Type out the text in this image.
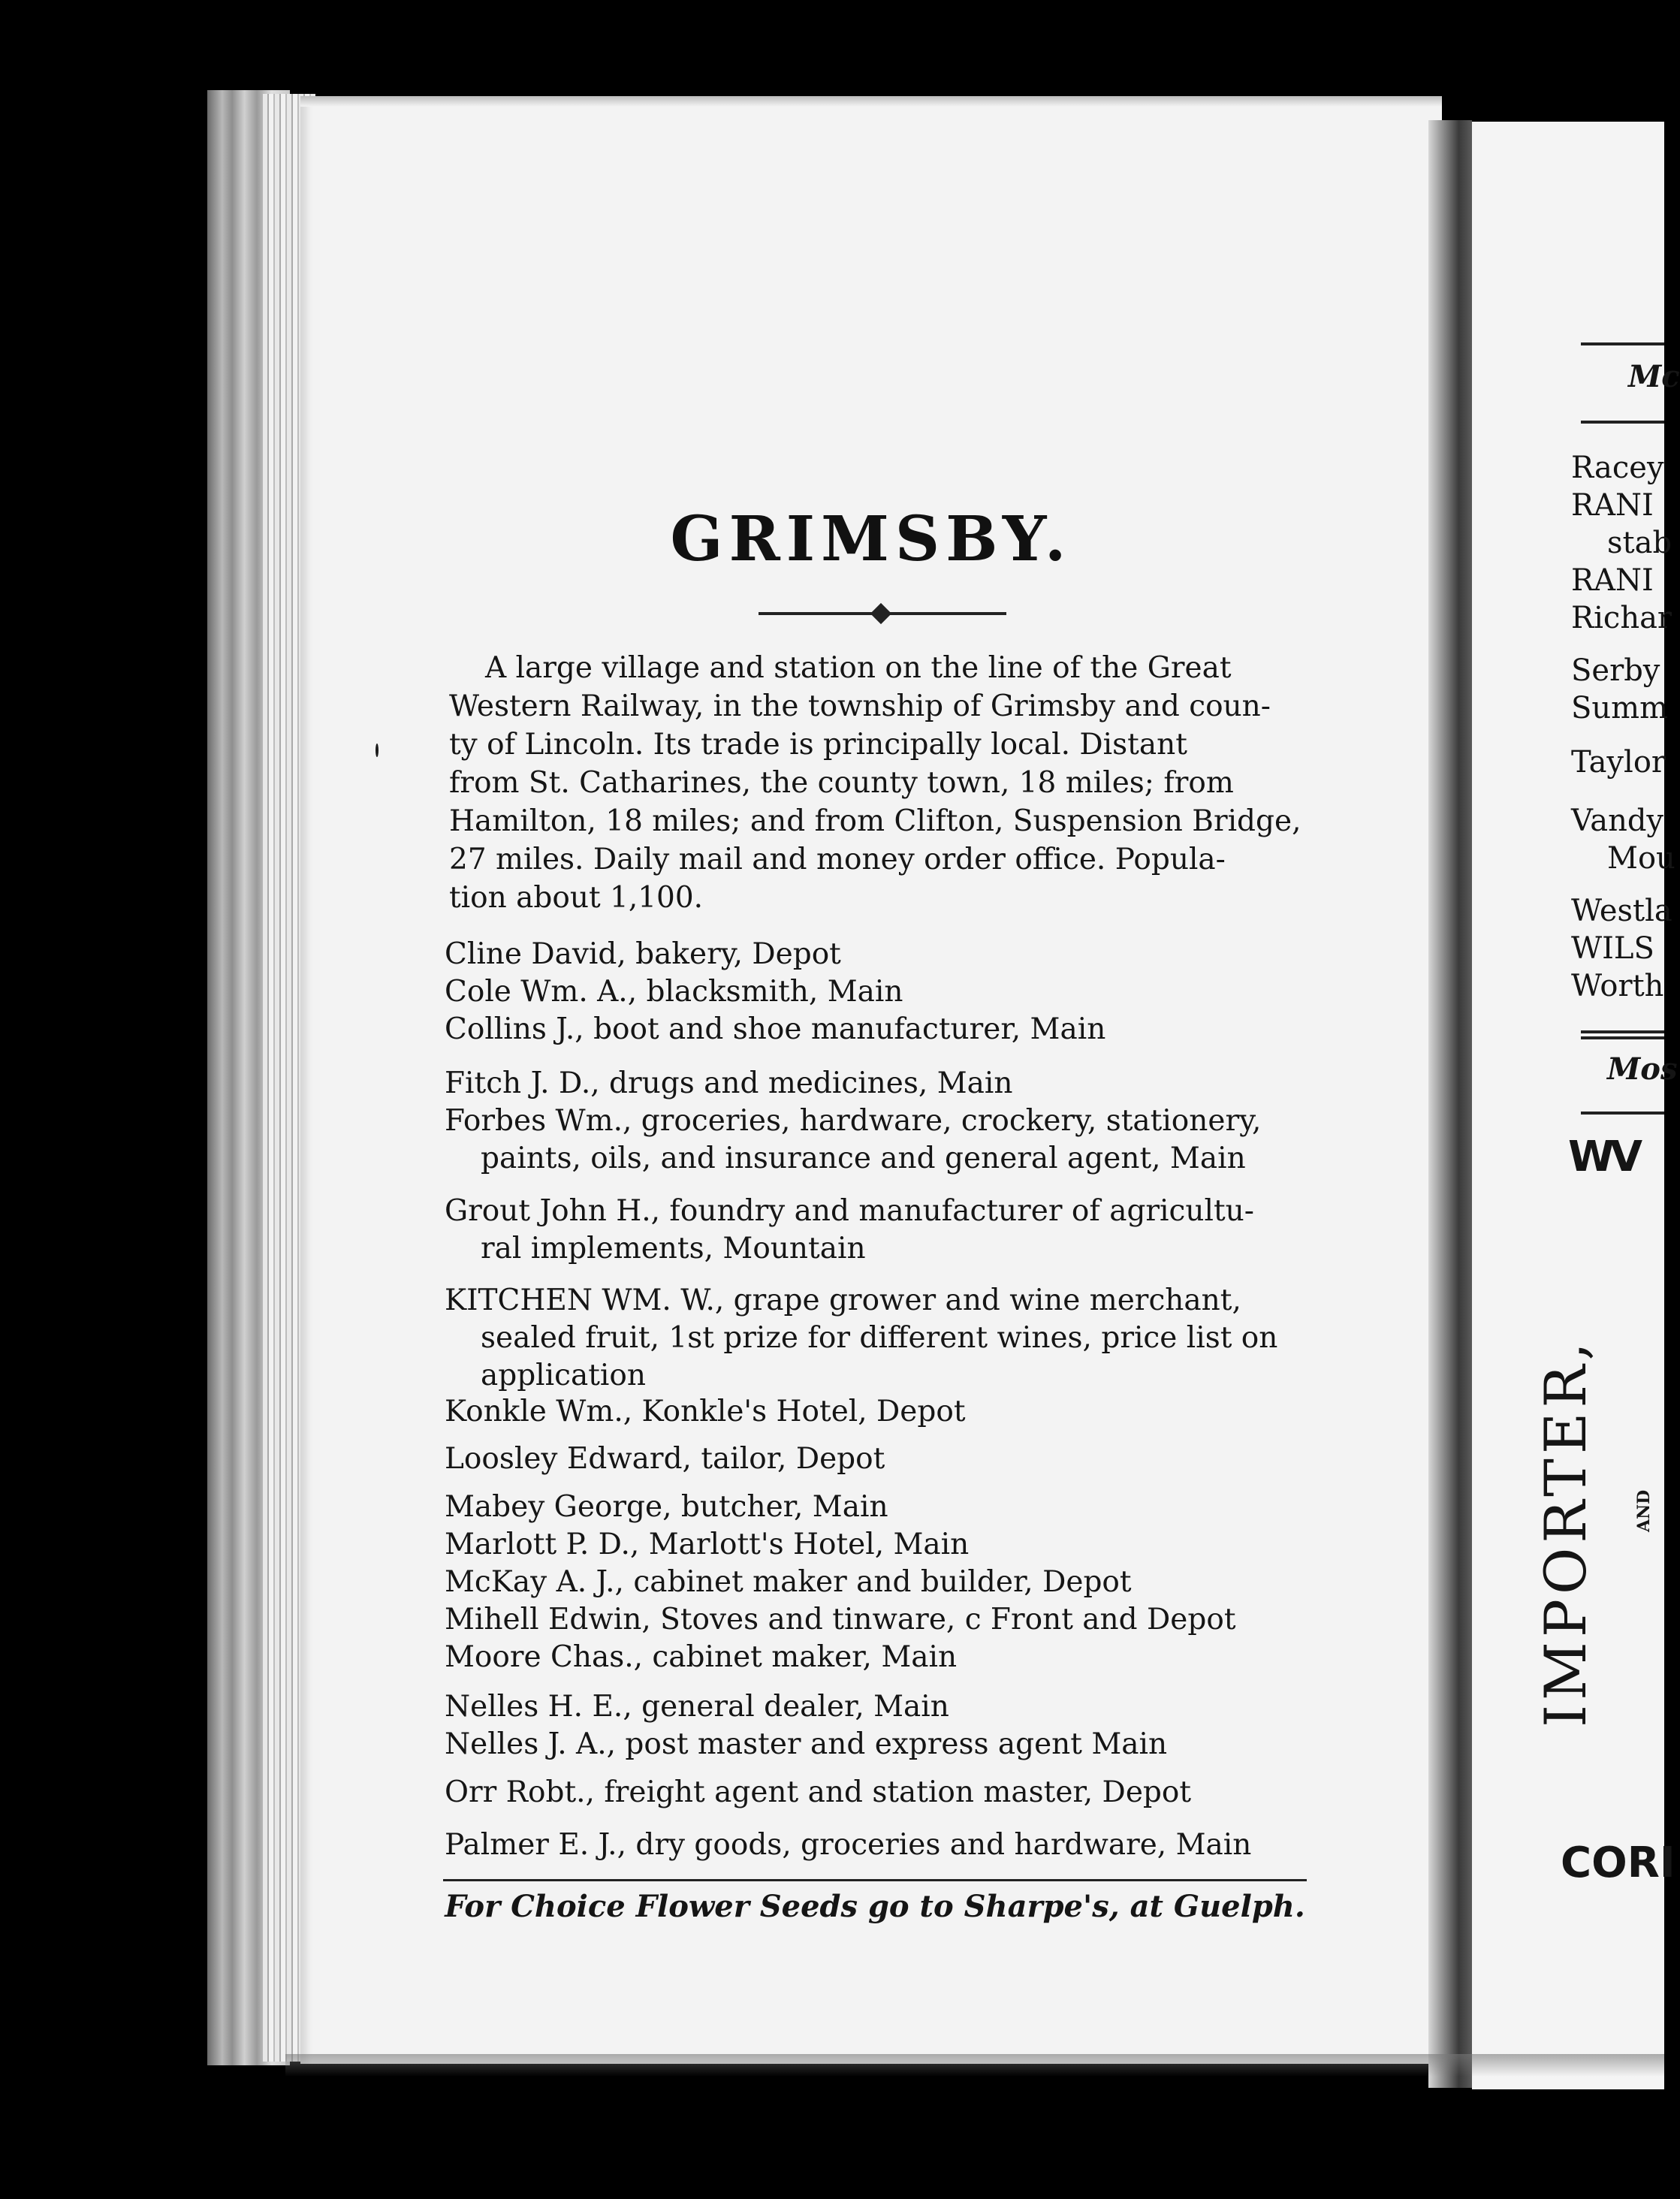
GRIMSBY.
A large village and station on the line of the Great
Western Railway, in the township of Grimsby and coun-
ty of Lincoln. Its trade is principally local. Distant
from St. Catharines, the county town, 18 miles; from
Hamilton, 18 miles; and from Clifton, Suspension Bridge,
27 miles. Daily mail and money order office. Popula-
tion about 1,100.
Cline David, bakery, Depot
Cole Wm. A., blacksmith, Main
Collins J., boot and shoe manufacturer, Main
Fitch J. D., drugs and medicines, Main
Forbes Wm., groceries, hardware, crockery, stationery,
paints, oils, and insurance and general agent, Main
Grout John H., foundry and manufacturer of agricultu-
ral implements, Mountain
KITCHEN WM. W., grape grower and wine merchant,
sealed fruit, 1st prize for different wines, price list on
application
Konkle Wm., Konkle's Hotel, Depot
Loosley Edward, tailor, Depot
Mabey George, butcher, Main
Marlott P. D., Marlott's Hotel, Main
McKay A. J., cabinet maker and builder, Depot
Mihell Edwin, Stoves and tinware, c Front and Depot
Moore Chas., cabinet maker, Main
Nelles H. E., general dealer, Main
Nelles J. A., post master and express agent Main
Orr Robt., freight agent and station master, Depot
Palmer E. J., dry goods, groceries and hardware, Main
For Choice Flower Seeds go to Sharpe's, at Guelph.
Mc
Racey
RANI
stab
RANI
Richar
Serby
Summ
Taylor
Vandy
Mou
Westla
WILS
Worth
Mos
WV
IMPORTER, AND
CORI
